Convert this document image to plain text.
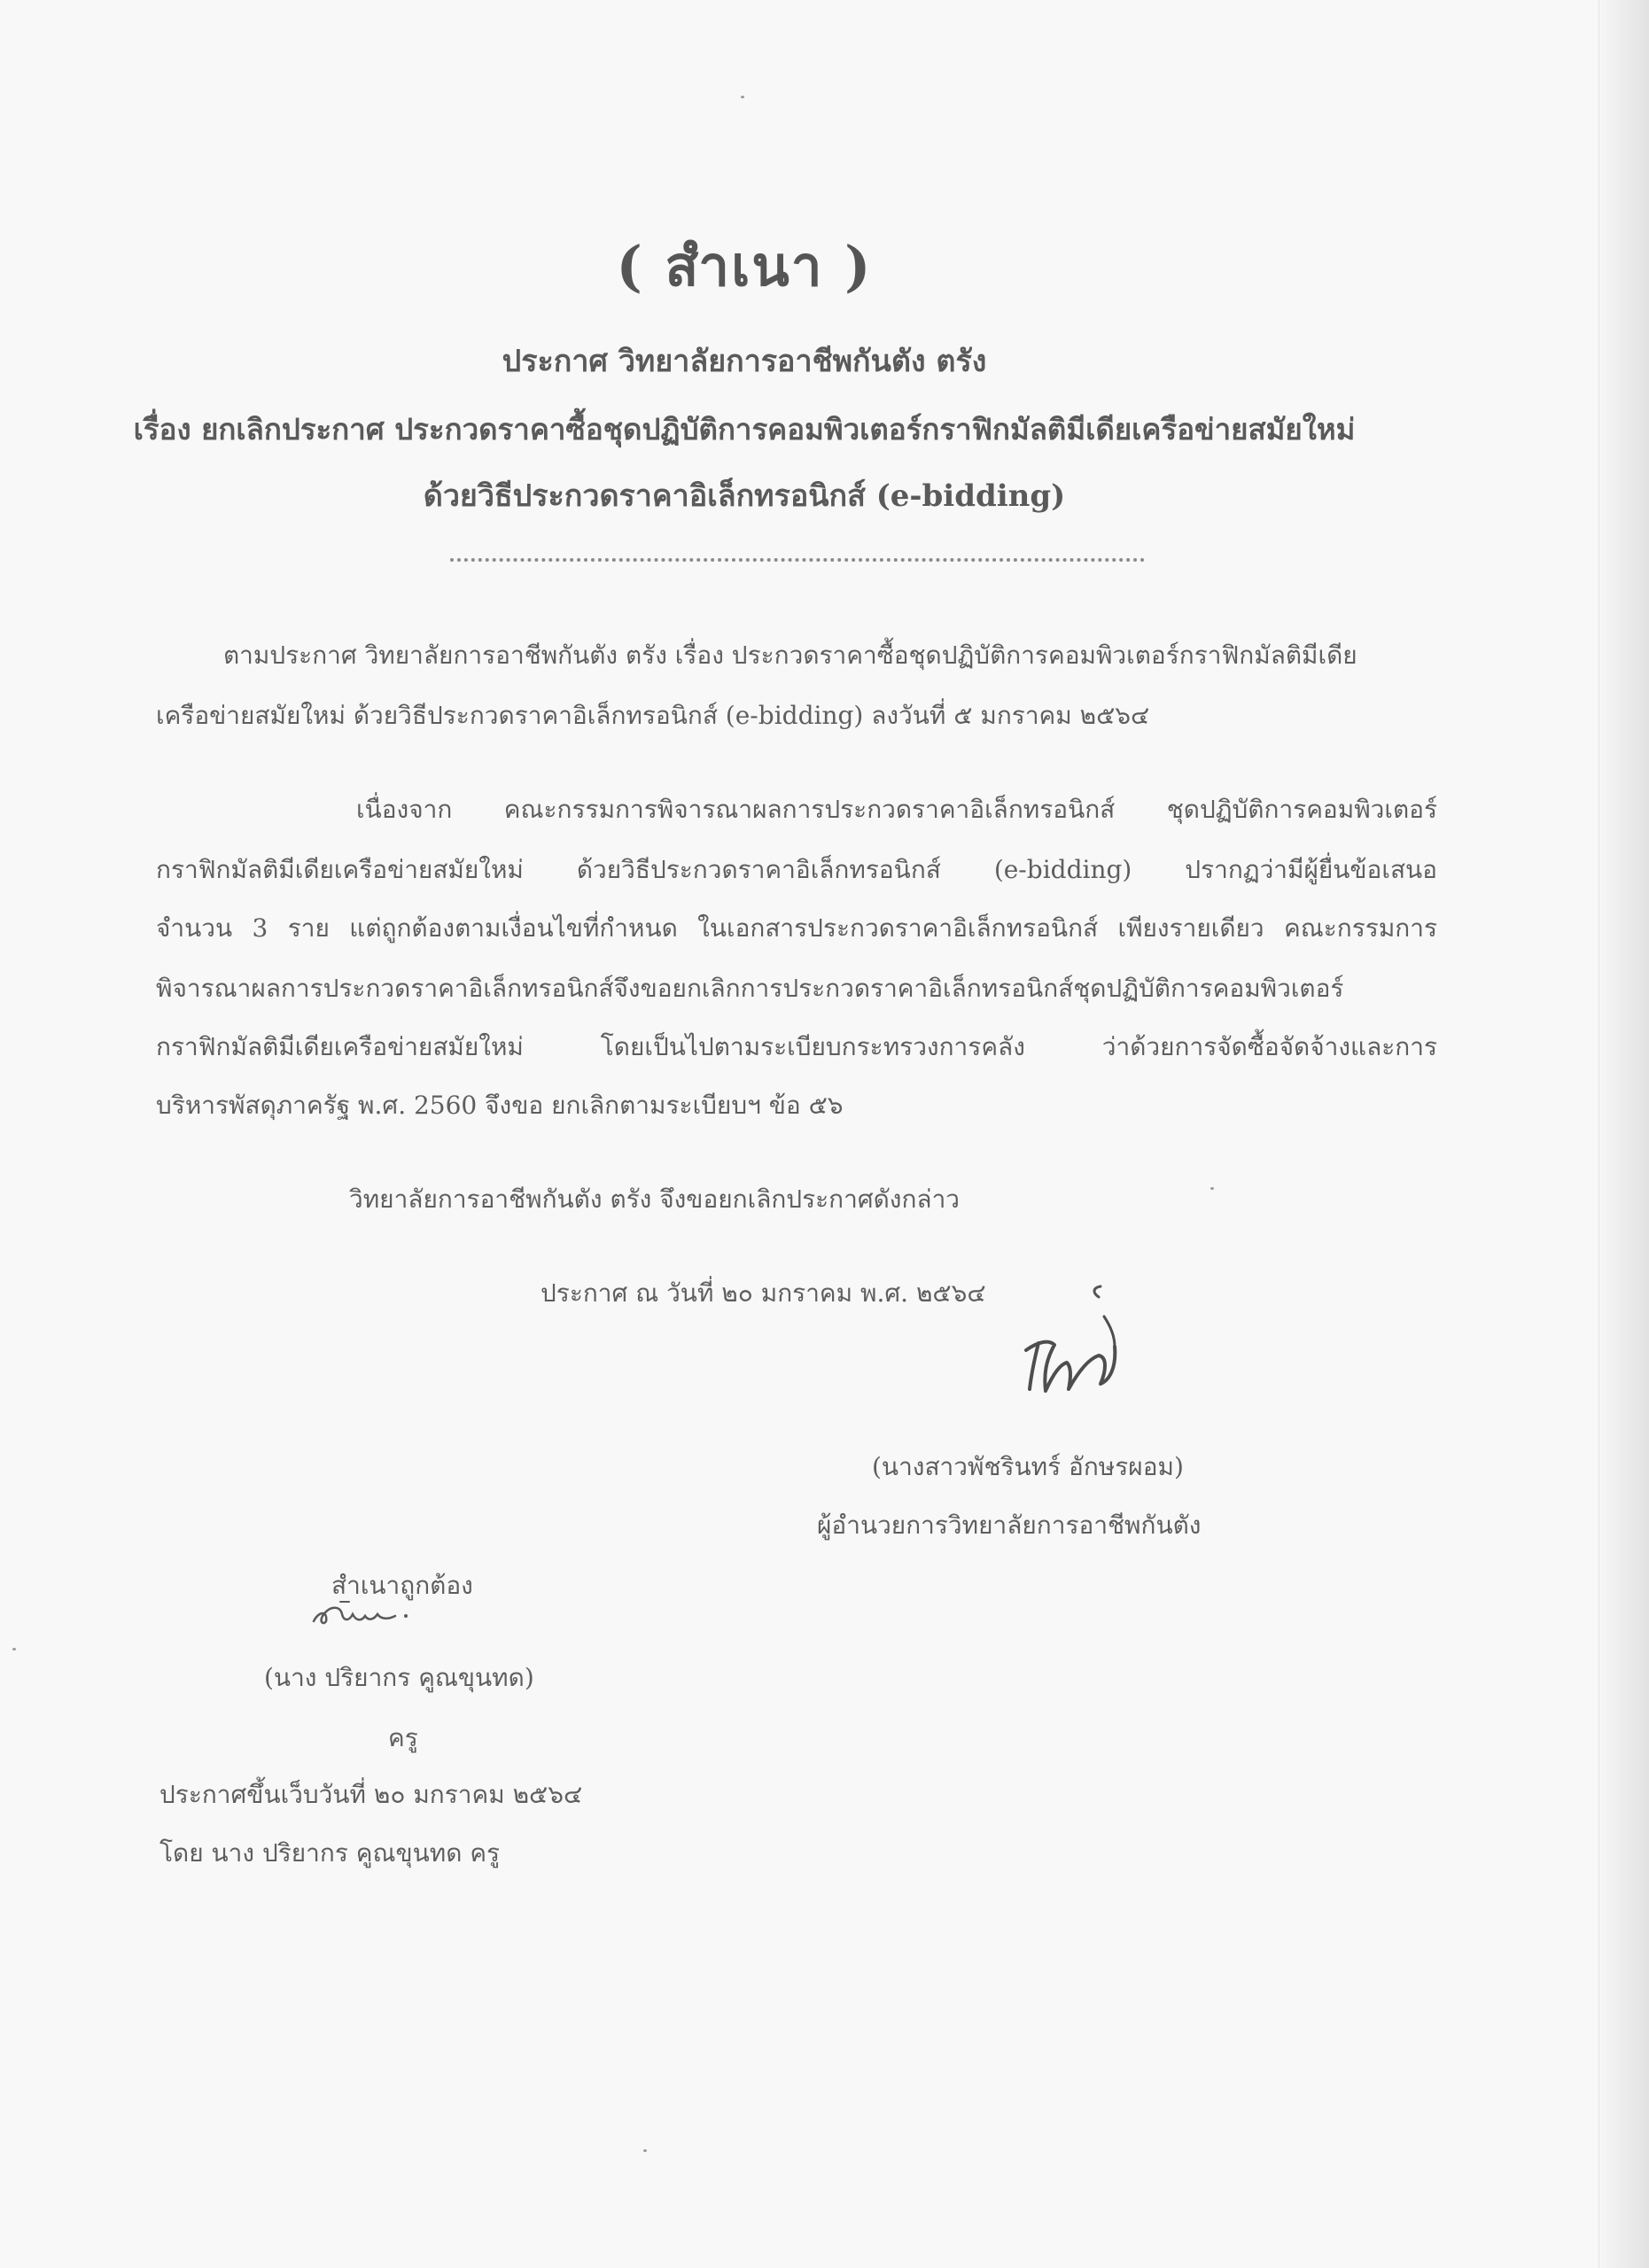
( สำเนา )
ประกาศ วิทยาลัยการอาชีพกันตัง ตรัง
เรื่อง ยกเลิกประกาศ ประกวดราคาซื้อชุดปฏิบัติการคอมพิวเตอร์กราฟิกมัลติมีเดียเครือข่ายสมัยใหม่
ด้วยวิธีประกวดราคาอิเล็กทรอนิกส์ (e-bidding)
ตามประกาศ วิทยาลัยการอาชีพกันตัง ตรัง เรื่อง ประกวดราคาซื้อชุดปฏิบัติการคอมพิวเตอร์กราฟิกมัลติมีเดีย
เครือข่ายสมัยใหม่ ด้วยวิธีประกวดราคาอิเล็กทรอนิกส์ (e-bidding) ลงวันที่ ๕ มกราคม ๒๕๖๔
เนื่องจาก คณะกรรมการพิจารณาผลการประกวดราคาอิเล็กทรอนิกส์ ชุดปฏิบัติการคอมพิวเตอร์
กราฟิกมัลติมีเดียเครือข่ายสมัยใหม่ ด้วยวิธีประกวดราคาอิเล็กทรอนิกส์ (e-bidding) ปรากฏว่ามีผู้ยื่นข้อเสนอ
จำนวน 3 ราย แต่ถูกต้องตามเงื่อนไขที่กำหนด ในเอกสารประกวดราคาอิเล็กทรอนิกส์ เพียงรายเดียว คณะกรรมการ
พิจารณาผลการประกวดราคาอิเล็กทรอนิกส์จึงขอยกเลิกการประกวดราคาอิเล็กทรอนิกส์ชุดปฏิบัติการคอมพิวเตอร์
กราฟิกมัลติมีเดียเครือข่ายสมัยใหม่ โดยเป็นไปตามระเบียบกระทรวงการคลัง ว่าด้วยการจัดซื้อจัดจ้างและการ
บริหารพัสดุภาครัฐ พ.ศ. 2560 จึงขอ ยกเลิกตามระเบียบฯ ข้อ ๕๖
วิทยาลัยการอาชีพกันตัง ตรัง จึงขอยกเลิกประกาศดังกล่าว
ประกาศ ณ วันที่ ๒๐ มกราคม พ.ศ. ๒๕๖๔
(นางสาวพัชรินทร์ อักษรผอม)
ผู้อำนวยการวิทยาลัยการอาชีพกันตัง
สำเนาถูกต้อง
(นาง ปริยากร คูณขุนทด)
ครู
ประกาศขึ้นเว็บวันที่ ๒๐ มกราคม ๒๕๖๔
โดย นาง ปริยากร คูณขุนทด ครู
